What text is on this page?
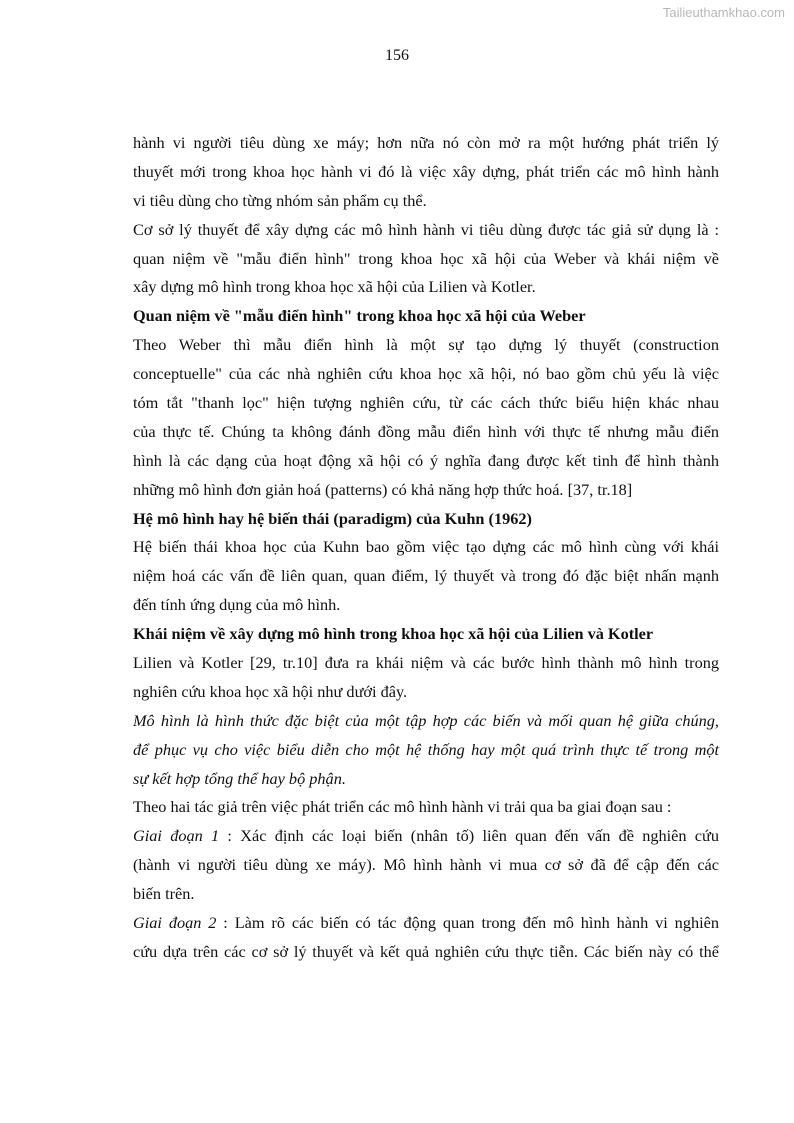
Tailieuthamkhao.com
156
hành vi người tiêu dùng xe máy; hơn nữa nó còn mở ra một hướng phát triển lý
thuyết mới trong khoa học hành vi đó là việc xây dựng, phát triển các mô hình hành
vi tiêu dùng cho từng nhóm sản phẩm cụ thể.
Cơ sở lý thuyết để xây dựng các mô hình hành vi tiêu dùng được tác giả sử dụng là :
quan niệm về "mẫu điển hình" trong khoa học xã hội của Weber và khái niệm về
xây dựng mô hình trong khoa học xã hội của Lilien và Kotler.
Quan niệm về "mẫu điển hình" trong khoa học xã hội của Weber
Theo Weber thì mẫu điển hình là một sự tạo dựng lý thuyết (construction
conceptuelle" của các nhà nghiên cứu khoa học xã hội, nó bao gồm chủ yếu là việc
tóm tắt "thanh lọc" hiện tượng nghiên cứu, từ các cách thức biểu hiện khác nhau
của thực tế. Chúng ta không đánh đồng mẫu điển hình với thực tế nhưng mẫu điển
hình là các dạng của hoạt động xã hội có ý nghĩa đang được kết tinh để hình thành
những mô hình đơn giản hoá (patterns) có khả năng hợp thức hoá. [37, tr.18]
Hệ mô hình hay hệ biến thái (paradigm) của Kuhn (1962)
Hệ biến thái khoa học của Kuhn bao gồm việc tạo dựng các mô hình cùng với khái
niệm hoá các vấn đề liên quan, quan điểm, lý thuyết và trong đó đặc biệt nhấn mạnh
đến tính ứng dụng của mô hình.
Khái niệm về xây dựng mô hình trong khoa học xã hội của Lilien và Kotler
Lilien và Kotler [29, tr.10] đưa ra khái niệm và các bước hình thành mô hình trong
nghiên cứu khoa học xã hội như dưới đây.
Mô hình là hình thức đặc biệt của một tập hợp các biến và mối quan hệ giữa chúng,
để phục vụ cho việc biểu diễn cho một hệ thống hay một quá trình thực tế trong một
sự kết hợp tổng thể hay bộ phận.
Theo hai tác giả trên việc phát triển các mô hình hành vi trải qua ba giai đoạn sau :
Giai đoạn 1 : Xác định các loại biến (nhân tố) liên quan đến vấn đề nghiên cứu
(hành vi người tiêu dùng xe máy). Mô hình hành vi mua cơ sở đã để cập đến các
biến trên.
Giai đoạn 2 : Làm rõ các biến có tác động quan trong đến mô hình hành vi nghiên
cứu dựa trên các cơ sở lý thuyết và kết quả nghiên cứu thực tiễn. Các biến này có thể
